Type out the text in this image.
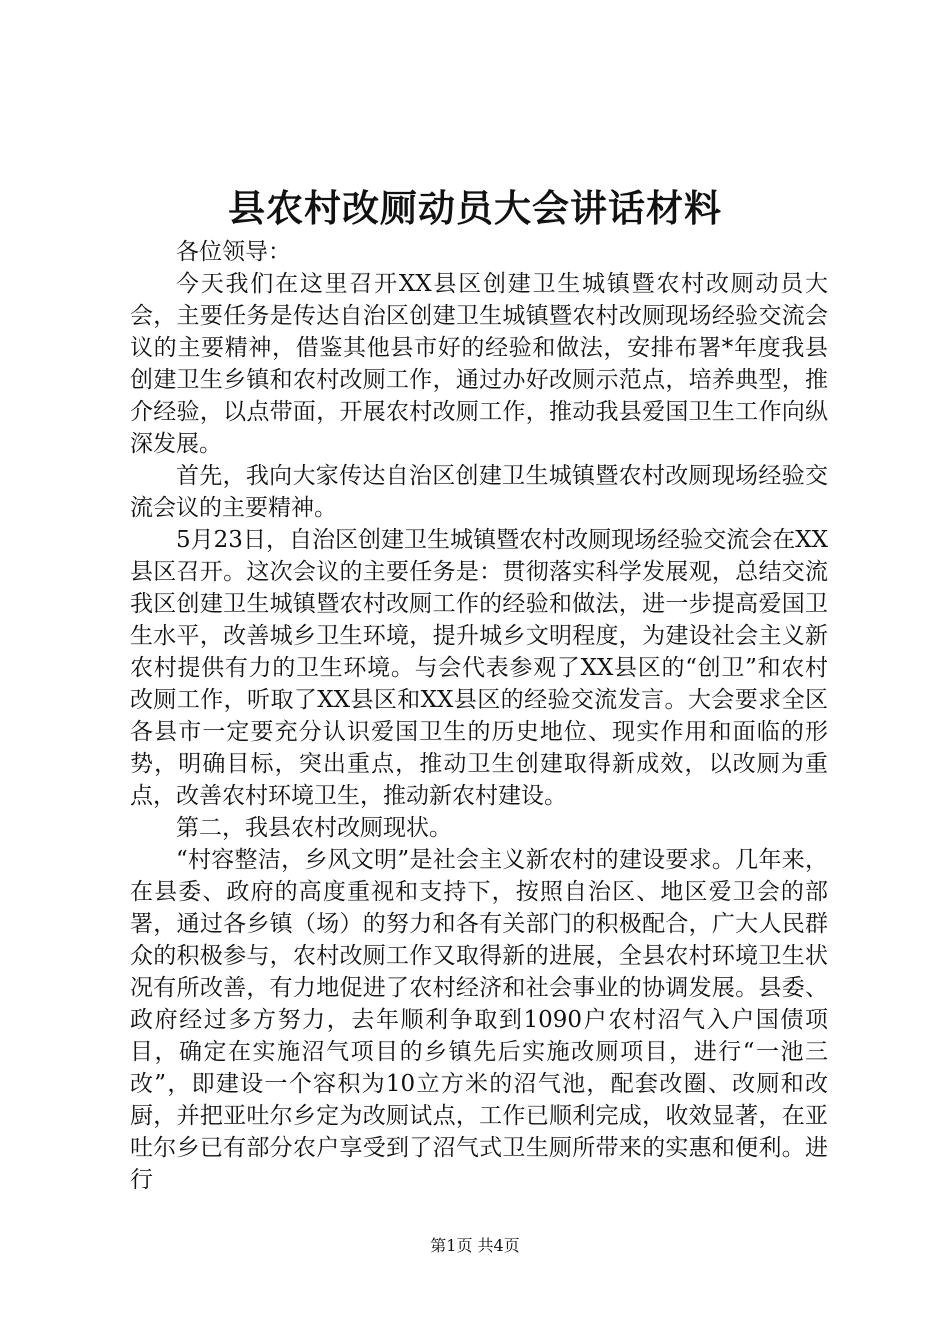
县农村改厕动员大会讲话材料

各位领导：

今天我们在这里召开XX县区创建卫生城镇暨农村改厕动员大会，主要任务是传达自治区创建卫生城镇暨农村改厕现场经验交流会议的主要精神，借鉴其他县市好的经验和做法，安排布署*年度我县创建卫生乡镇和农村改厕工作，通过办好改厕示范点，培养典型，推介经验，以点带面，开展农村改厕工作，推动我县爱国卫生工作向纵深发展。

首先，我向大家传达自治区创建卫生城镇暨农村改厕现场经验交流会议的主要精神。

5月23日，自治区创建卫生城镇暨农村改厕现场经验交流会在XX县区召开。这次会议的主要任务是：贯彻落实科学发展观，总结交流我区创建卫生城镇暨农村改厕工作的经验和做法，进一步提高爱国卫生水平，改善城乡卫生环境，提升城乡文明程度，为建设社会主义新农村提供有力的卫生环境。与会代表参观了XX县区的“创卫”和农村改厕工作，听取了XX县区和XX县区的经验交流发言。大会要求全区各县市一定要充分认识爱国卫生的历史地位、现实作用和面临的形势，明确目标，突出重点，推动卫生创建取得新成效，以改厕为重点，改善农村环境卫生，推动新农村建设。

第二，我县农村改厕现状。

“村容整洁，乡风文明”是社会主义新农村的建设要求。几年来，在县委、政府的高度重视和支持下，按照自治区、地区爱卫会的部署，通过各乡镇（场）的努力和各有关部门的积极配合，广大人民群众的积极参与，农村改厕工作又取得新的进展，全县农村环境卫生状况有所改善，有力地促进了农村经济和社会事业的协调发展。县委、政府经过多方努力，去年顺利争取到1090户农村沼气入户国债项目，确定在实施沼气项目的乡镇先后实施改厕项目，进行“一池三改”，即建设一个容积为10立方米的沼气池，配套改圈、改厕和改厨，并把亚吐尔乡定为改厕试点，工作已顺利完成，收效显著，在亚吐尔乡已有部分农户享受到了沼气式卫生厕所带来的实惠和便利。进行

第1页 共4页
